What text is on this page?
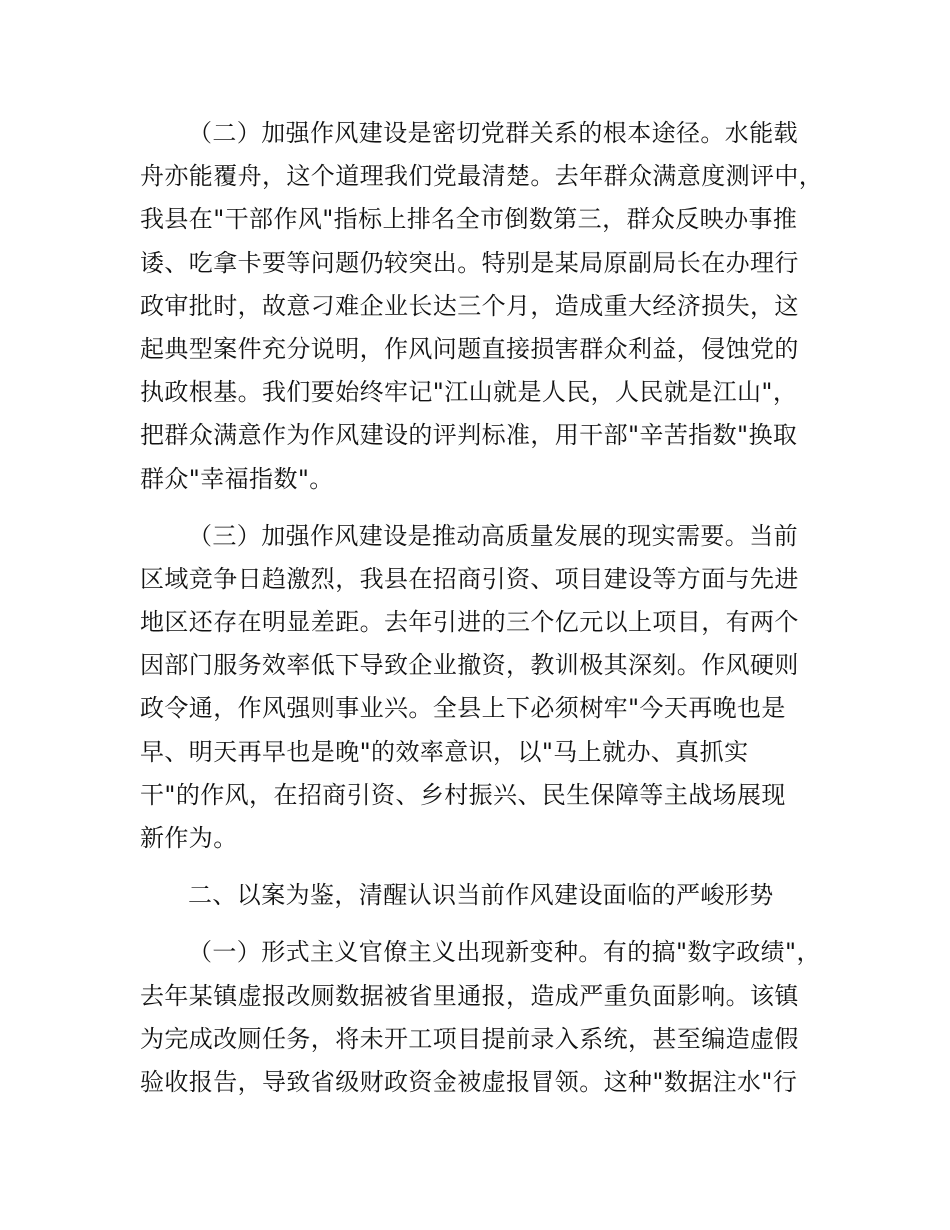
（二）加强作风建设是密切党群关系的根本途径。水能载
舟亦能覆舟，这个道理我们党最清楚。去年群众满意度测评中，
我县在"干部作风"指标上排名全市倒数第三，群众反映办事推
诿、吃拿卡要等问题仍较突出。特别是某局原副局长在办理行
政审批时，故意刁难企业长达三个月，造成重大经济损失，这
起典型案件充分说明，作风问题直接损害群众利益，侵蚀党的
执政根基。我们要始终牢记"江山就是人民，人民就是江山"，
把群众满意作为作风建设的评判标准，用干部"辛苦指数"换取
群众"幸福指数"。
（三）加强作风建设是推动高质量发展的现实需要。当前
区域竞争日趋激烈，我县在招商引资、项目建设等方面与先进
地区还存在明显差距。去年引进的三个亿元以上项目，有两个
因部门服务效率低下导致企业撤资，教训极其深刻。作风硬则
政令通，作风强则事业兴。全县上下必须树牢"今天再晚也是
早、明天再早也是晚"的效率意识，以"马上就办、真抓实
干"的作风，在招商引资、乡村振兴、民生保障等主战场展现
新作为。
二、以案为鉴，清醒认识当前作风建设面临的严峻形势
（一）形式主义官僚主义出现新变种。有的搞"数字政绩"，
去年某镇虚报改厕数据被省里通报，造成严重负面影响。该镇
为完成改厕任务，将未开工项目提前录入系统，甚至编造虚假
验收报告，导致省级财政资金被虚报冒领。这种"数据注水"行
